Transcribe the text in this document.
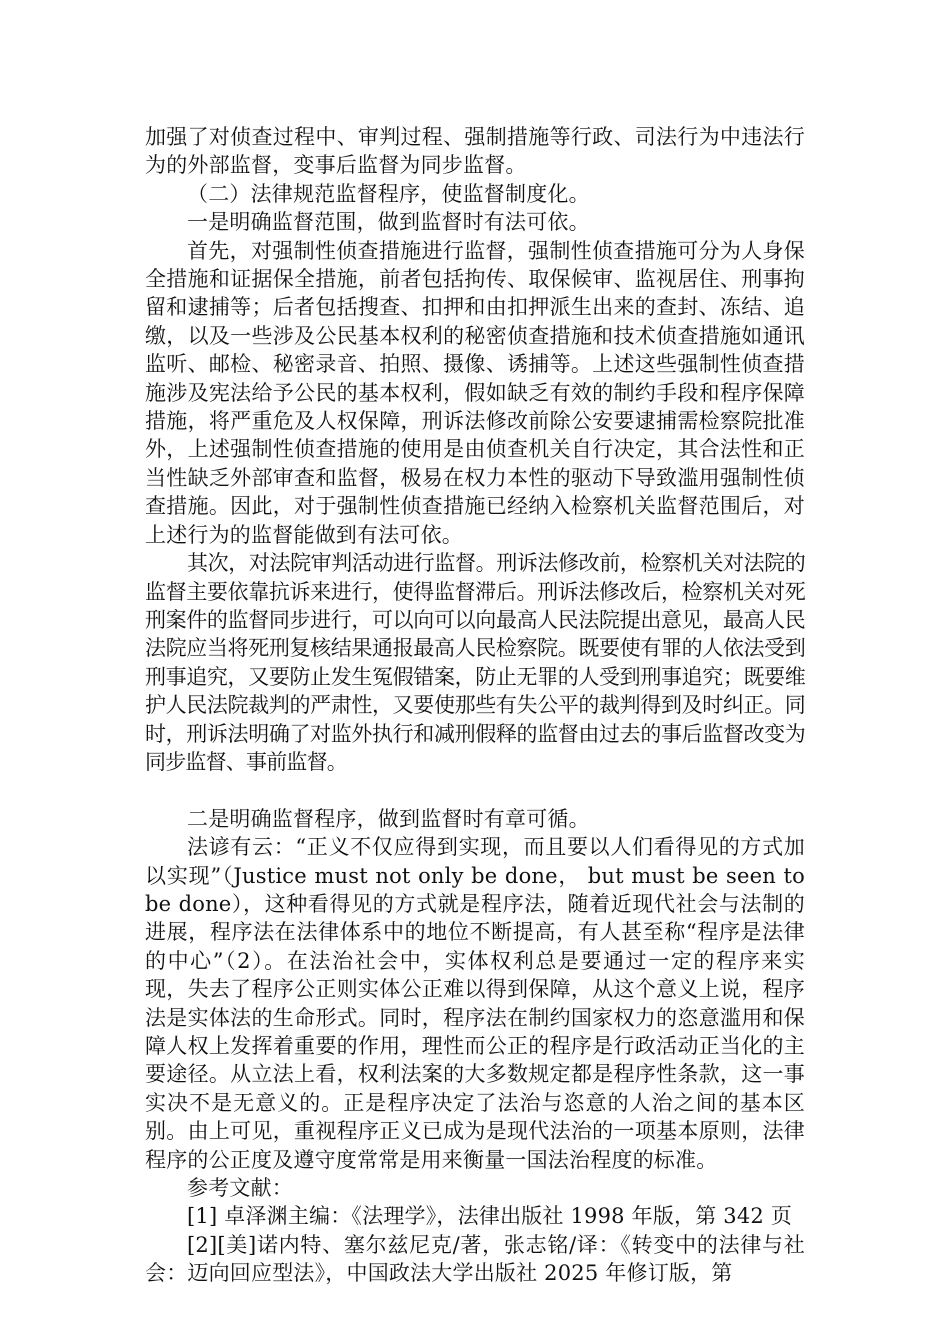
加强了对侦查过程中、审判过程、强制措施等行政、司法行为中违法行为的外部监督，变事后监督为同步监督。

（二）法律规范监督程序，使监督制度化。

一是明确监督范围，做到监督时有法可依。

首先，对强制性侦查措施进行监督，强制性侦查措施可分为人身保全措施和证据保全措施，前者包括拘传、取保候审、监视居住、刑事拘留和逮捕等；后者包括搜查、扣押和由扣押派生出来的查封、冻结、追缴，以及一些涉及公民基本权利的秘密侦查措施和技术侦查措施如通讯监听、邮检、秘密录音、拍照、摄像、诱捕等。上述这些强制性侦查措施涉及宪法给予公民的基本权利，假如缺乏有效的制约手段和程序保障措施，将严重危及人权保障，刑诉法修改前除公安要逮捕需检察院批准外，上述强制性侦查措施的使用是由侦查机关自行决定，其合法性和正当性缺乏外部审查和监督，极易在权力本性的驱动下导致滥用强制性侦查措施。因此，对于强制性侦查措施已经纳入检察机关监督范围后，对上述行为的监督能做到有法可依。

其次，对法院审判活动进行监督。刑诉法修改前，检察机关对法院的监督主要依靠抗诉来进行，使得监督滞后。刑诉法修改后，检察机关对死刑案件的监督同步进行，可以向可以向最高人民法院提出意见，最高人民法院应当将死刑复核结果通报最高人民检察院。既要使有罪的人依法受到刑事追究，又要防止发生冤假错案，防止无罪的人受到刑事追究；既要维护人民法院裁判的严肃性，又要使那些有失公平的裁判得到及时纠正。同时，刑诉法明确了对监外执行和减刑假释的监督由过去的事后监督改变为同步监督、事前监督。

二是明确监督程序，做到监督时有章可循。

法谚有云：“正义不仅应得到实现，而且要以人们看得见的方式加以实现”（Justice must not only be done， but must be seen to be done），这种看得见的方式就是程序法，随着近现代社会与法制的进展，程序法在法律体系中的地位不断提高，有人甚至称“程序是法律的中心”（2）。在法治社会中，实体权利总是要通过一定的程序来实现，失去了程序公正则实体公正难以得到保障，从这个意义上说，程序法是实体法的生命形式。同时，程序法在制约国家权力的恣意滥用和保障人权上发挥着重要的作用，理性而公正的程序是行政活动正当化的主要途径。从立法上看，权利法案的大多数规定都是程序性条款，这一事实决不是无意义的。正是程序决定了法治与恣意的人治之间的基本区别。由上可见，重视程序正义已成为是现代法治的一项基本原则，法律程序的公正度及遵守度常常是用来衡量一国法治程度的标准。

参考文献：

[1] 卓泽渊主编：《法理学》，法律出版社 1998 年版，第 342 页

[2][美]诺内特、塞尔兹尼克/著，张志铭/译：《转变中的法律与社会：迈向回应型法》，中国政法大学出版社 2025 年修订版，第
